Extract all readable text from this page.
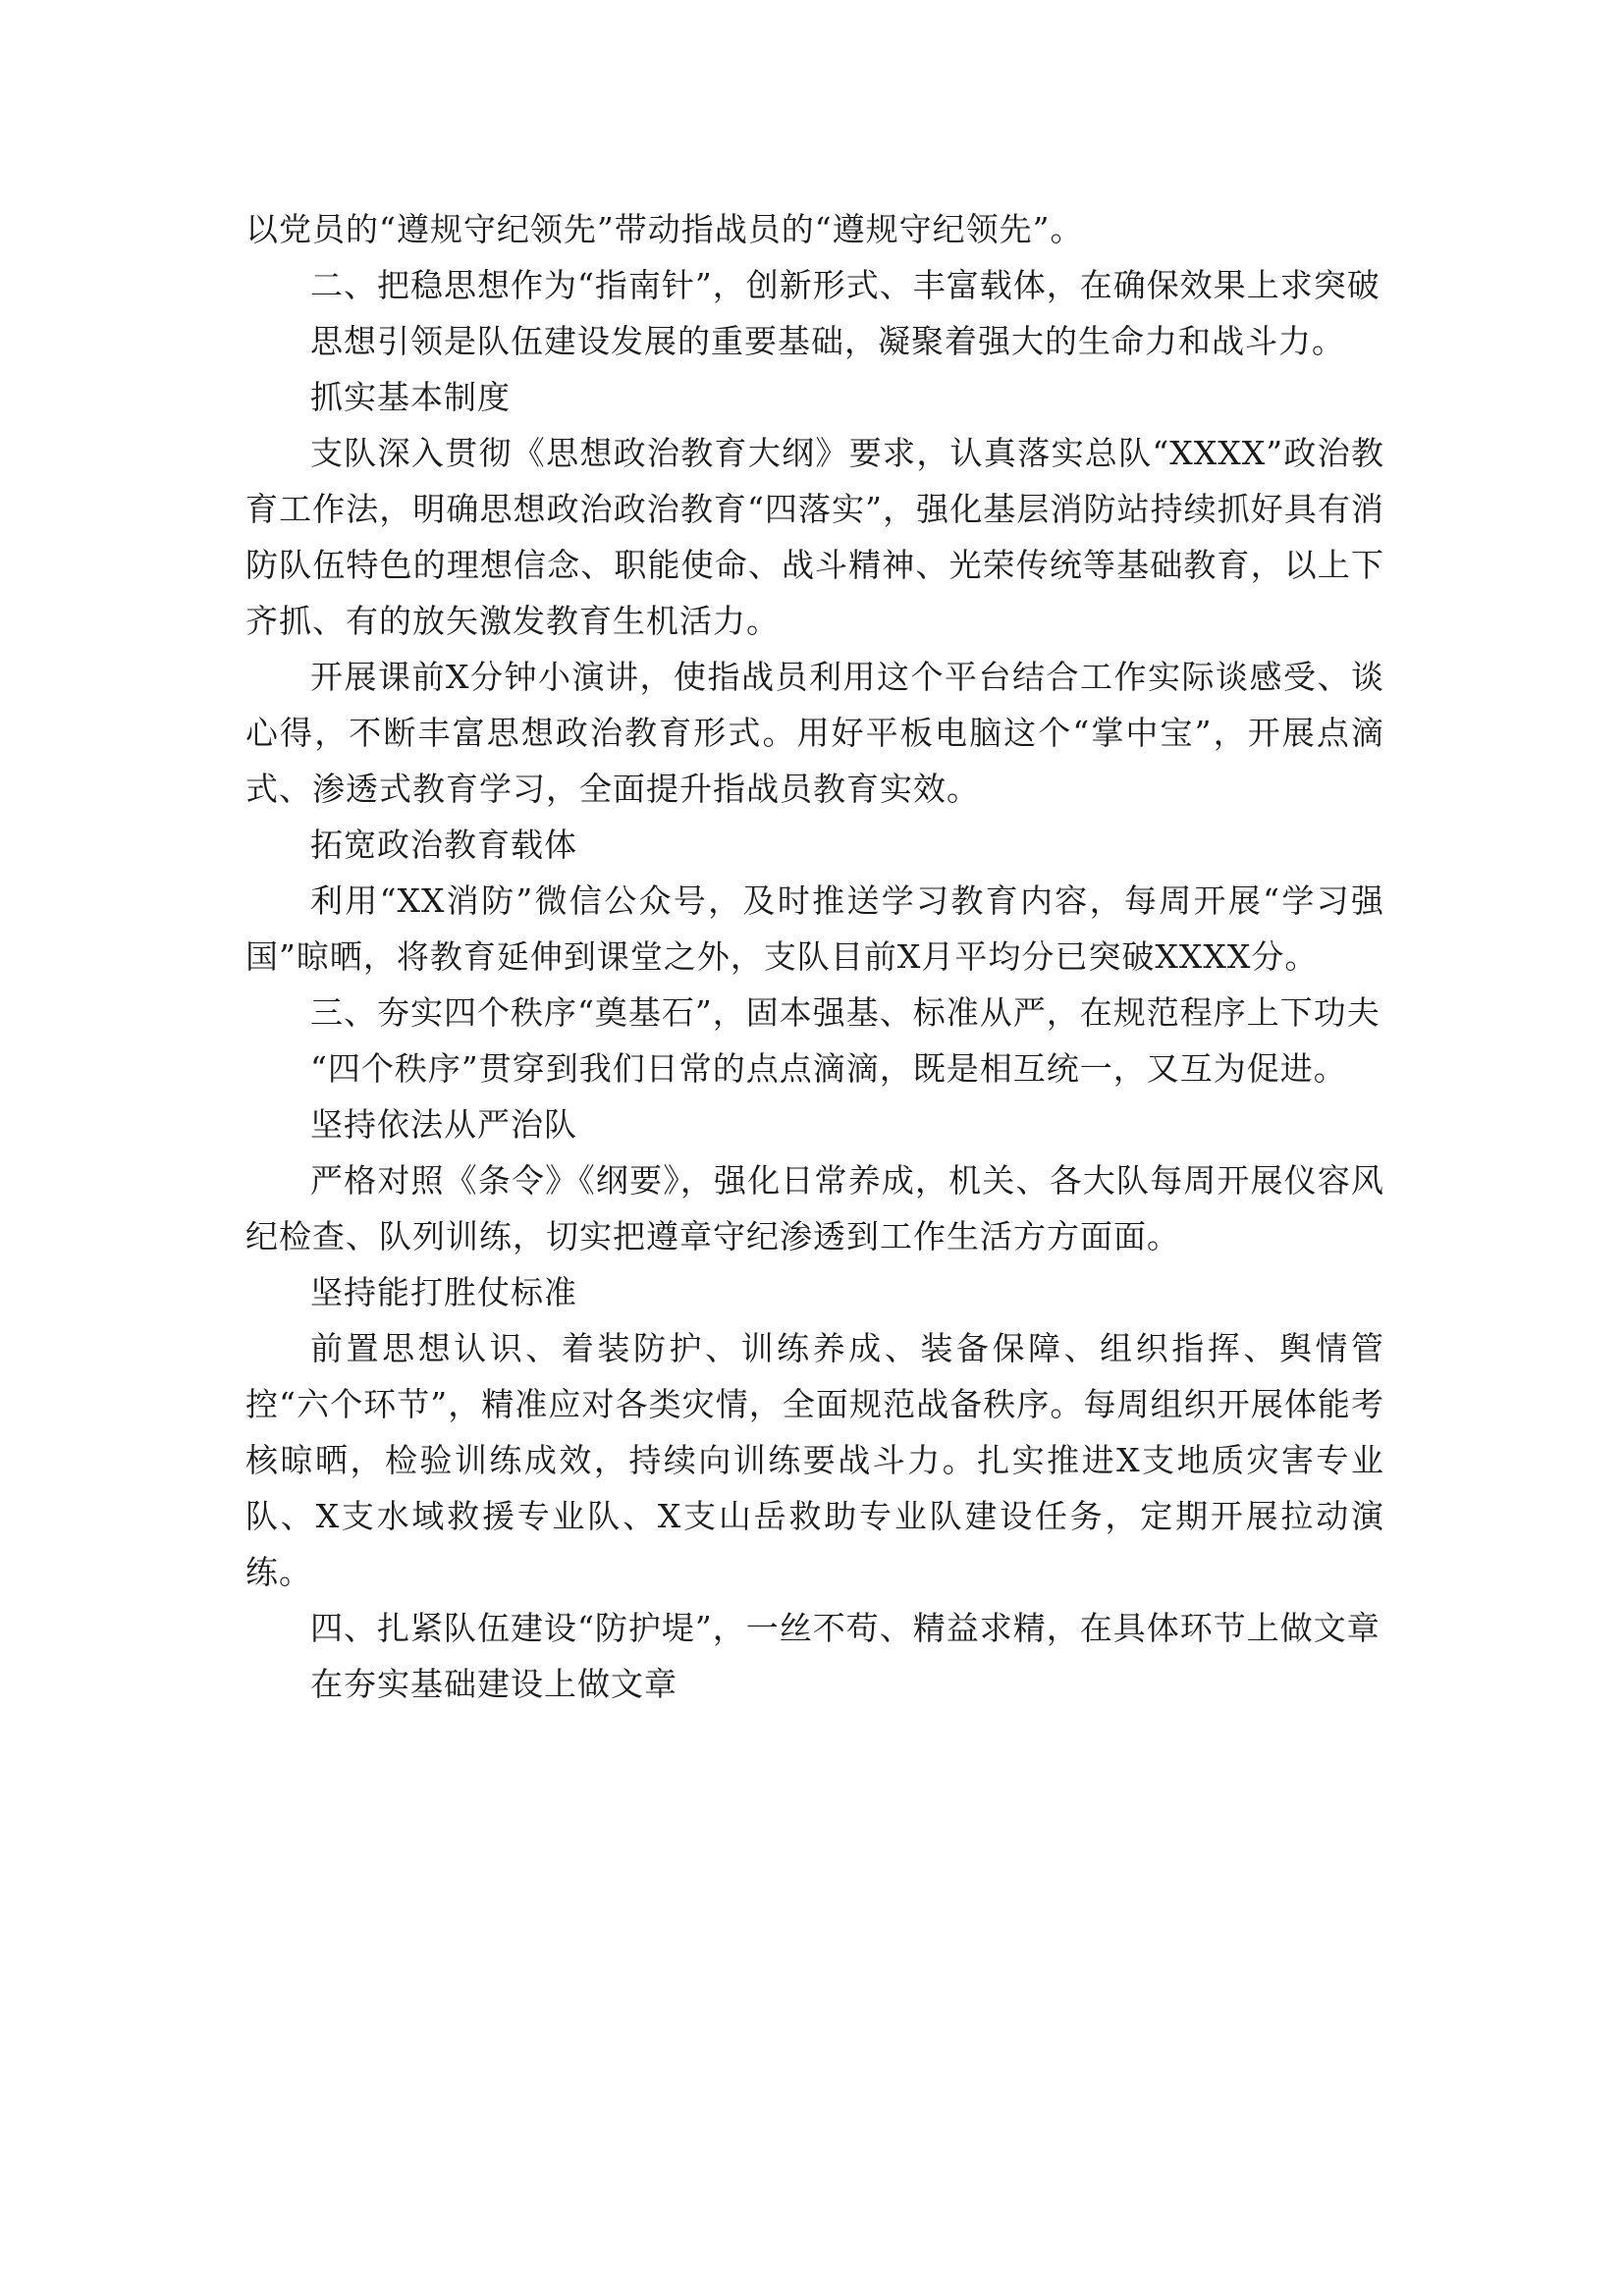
以党员的“遵规守纪领先”带动指战员的“遵规守纪领先”。

二、把稳思想作为“指南针”，创新形式、丰富载体，在确保效果上求突破

思想引领是队伍建设发展的重要基础，凝聚着强大的生命力和战斗力。

抓实基本制度

支队深入贯彻《思想政治教育大纲》要求，认真落实总队“XXXX”政治教育工作法，明确思想政治政治教育“四落实”，强化基层消防站持续抓好具有消防队伍特色的理想信念、职能使命、战斗精神、光荣传统等基础教育，以上下齐抓、有的放矢激发教育生机活力。

开展课前X分钟小演讲，使指战员利用这个平台结合工作实际谈感受、谈心得，不断丰富思想政治教育形式。用好平板电脑这个“掌中宝”，开展点滴式、渗透式教育学习，全面提升指战员教育实效。

拓宽政治教育载体

利用“XX消防”微信公众号，及时推送学习教育内容，每周开展“学习强国”晾晒，将教育延伸到课堂之外，支队目前X月平均分已突破XXXX分。

三、夯实四个秩序“奠基石”，固本强基、标准从严，在规范程序上下功夫

“四个秩序”贯穿到我们日常的点点滴滴，既是相互统一，又互为促进。

坚持依法从严治队

严格对照《条令》《纲要》，强化日常养成，机关、各大队每周开展仪容风纪检查、队列训练，切实把遵章守纪渗透到工作生活方方面面。

坚持能打胜仗标准

前置思想认识、着装防护、训练养成、装备保障、组织指挥、舆情管控“六个环节”，精准应对各类灾情，全面规范战备秩序。每周组织开展体能考核晾晒，检验训练成效，持续向训练要战斗力。扎实推进X支地质灾害专业队、X支水域救援专业队、X支山岳救助专业队建设任务，定期开展拉动演练。

四、扎紧队伍建设“防护堤”，一丝不苟、精益求精，在具体环节上做文章

在夯实基础建设上做文章
